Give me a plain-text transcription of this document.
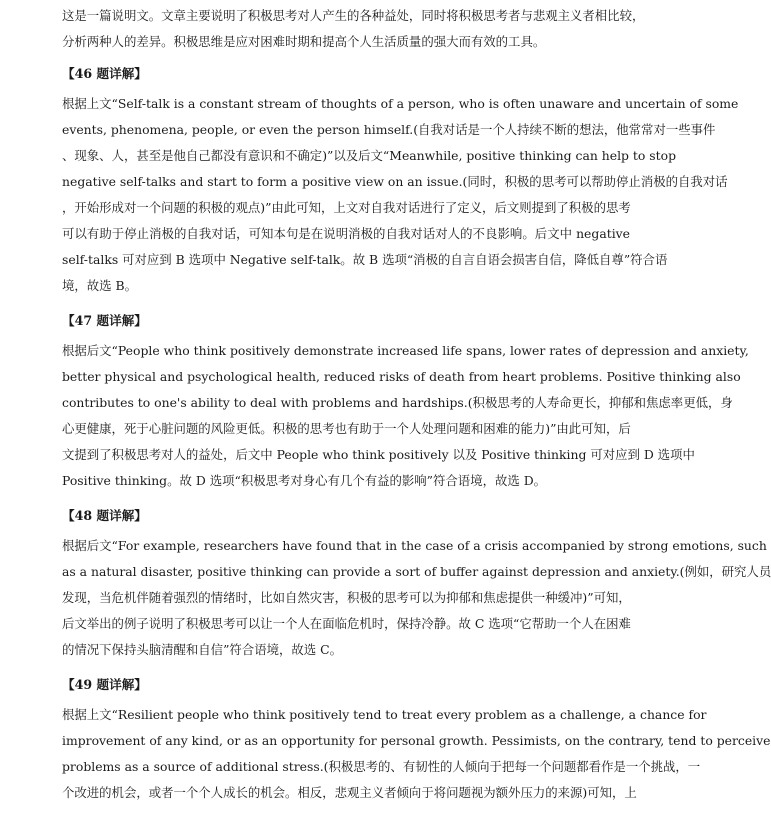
这是一篇说明文。文章主要说明了积极思考对人产生的各种益处，同时将积极思考者与悲观主义者相比较，
分析两种人的差异。积极思维是应对困难时期和提高个人生活质量的强大而有效的工具。
【46 题详解】
根据上文“Self-talk is a constant stream of thoughts of a person, who is often unaware and uncertain of some
events, phenomena, people, or even the person himself.(自我对话是一个人持续不断的想法，他常常对一些事件
、现象、人，甚至是他自己都没有意识和不确定)”以及后文“Meanwhile, positive thinking can help to stop
negative self-talks and start to form a positive view on an issue.(同时，积极的思考可以帮助停止消极的自我对话
，开始形成对一个问题的积极的观点)”由此可知，上文对自我对话进行了定义，后文则提到了积极的思考
可以有助于停止消极的自我对话，可知本句是在说明消极的自我对话对人的不良影响。后文中 negative
self-talks 可对应到 B 选项中 Negative self-talk。故 B 选项“消极的自言自语会损害自信，降低自尊”符合语
境，故选 B。
【47 题详解】
根据后文“People who think positively demonstrate increased life spans, lower rates of depression and anxiety,
better physical and psychological health, reduced risks of death from heart problems. Positive thinking also
contributes to one's ability to deal with problems and hardships.(积极思考的人寿命更长，抑郁和焦虑率更低，身
心更健康，死于心脏问题的风险更低。积极的思考也有助于一个人处理问题和困难的能力)”由此可知，后
文提到了积极思考对人的益处，后文中 People who think positively 以及 Positive thinking 可对应到 D 选项中
Positive thinking。故 D 选项“积极思考对身心有几个有益的影响”符合语境，故选 D。
【48 题详解】
根据后文“For example, researchers have found that in the case of a crisis accompanied by strong emotions, such
as a natural disaster, positive thinking can provide a sort of buffer against depression and anxiety.(例如，研究人员
发现，当危机伴随着强烈的情绪时，比如自然灾害，积极的思考可以为抑郁和焦虑提供一种缓冲)”可知，
后文举出的例子说明了积极思考可以让一个人在面临危机时，保持冷静。故 C 选项“它帮助一个人在困难
的情况下保持头脑清醒和自信”符合语境，故选 C。
【49 题详解】
根据上文“Resilient people who think positively tend to treat every problem as a challenge, a chance for
improvement of any kind, or as an opportunity for personal growth. Pessimists, on the contrary, tend to perceive
problems as a source of additional stress.(积极思考的、有韧性的人倾向于把每一个问题都看作是一个挑战，一
个改进的机会，或者一个个人成长的机会。相反，悲观主义者倾向于将问题视为额外压力的来源)可知，上
